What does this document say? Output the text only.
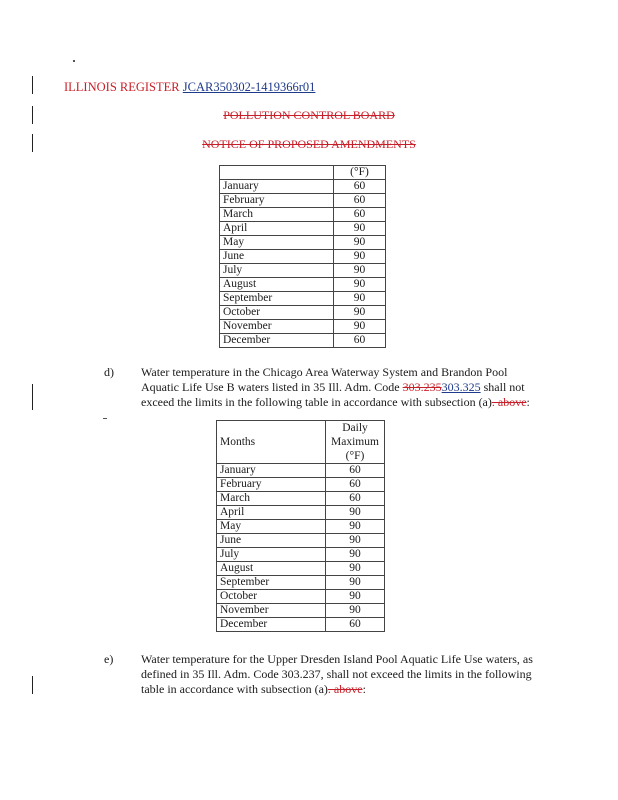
ILLINOIS REGISTER JCAR350302-1419366r01
POLLUTION CONTROL BOARD
NOTICE OF PROPOSED AMENDMENTS
	(°F)
January	60
February	60
March	60
April	90
May	90
June	90
July	90
August	90
September	90
October	90
November	90
December	60
d) Water temperature in the Chicago Area Waterway System and Brandon Pool
Aquatic Life Use B waters listed in 35 Ill. Adm. Code 303.235303.325 shall not
exceed the limits in the following table in accordance with subsection (a). above:
Months	Daily
Maximum
(°F)

January	60
February	60
March	60
April	90
May	90
June	90
July	90
August	90
September	90
October	90
November	90
December	60
e) Water temperature for the Upper Dresden Island Pool Aquatic Life Use waters, as
defined in 35 Ill. Adm. Code 303.237, shall not exceed the limits in the following
table in accordance with subsection (a). above:
